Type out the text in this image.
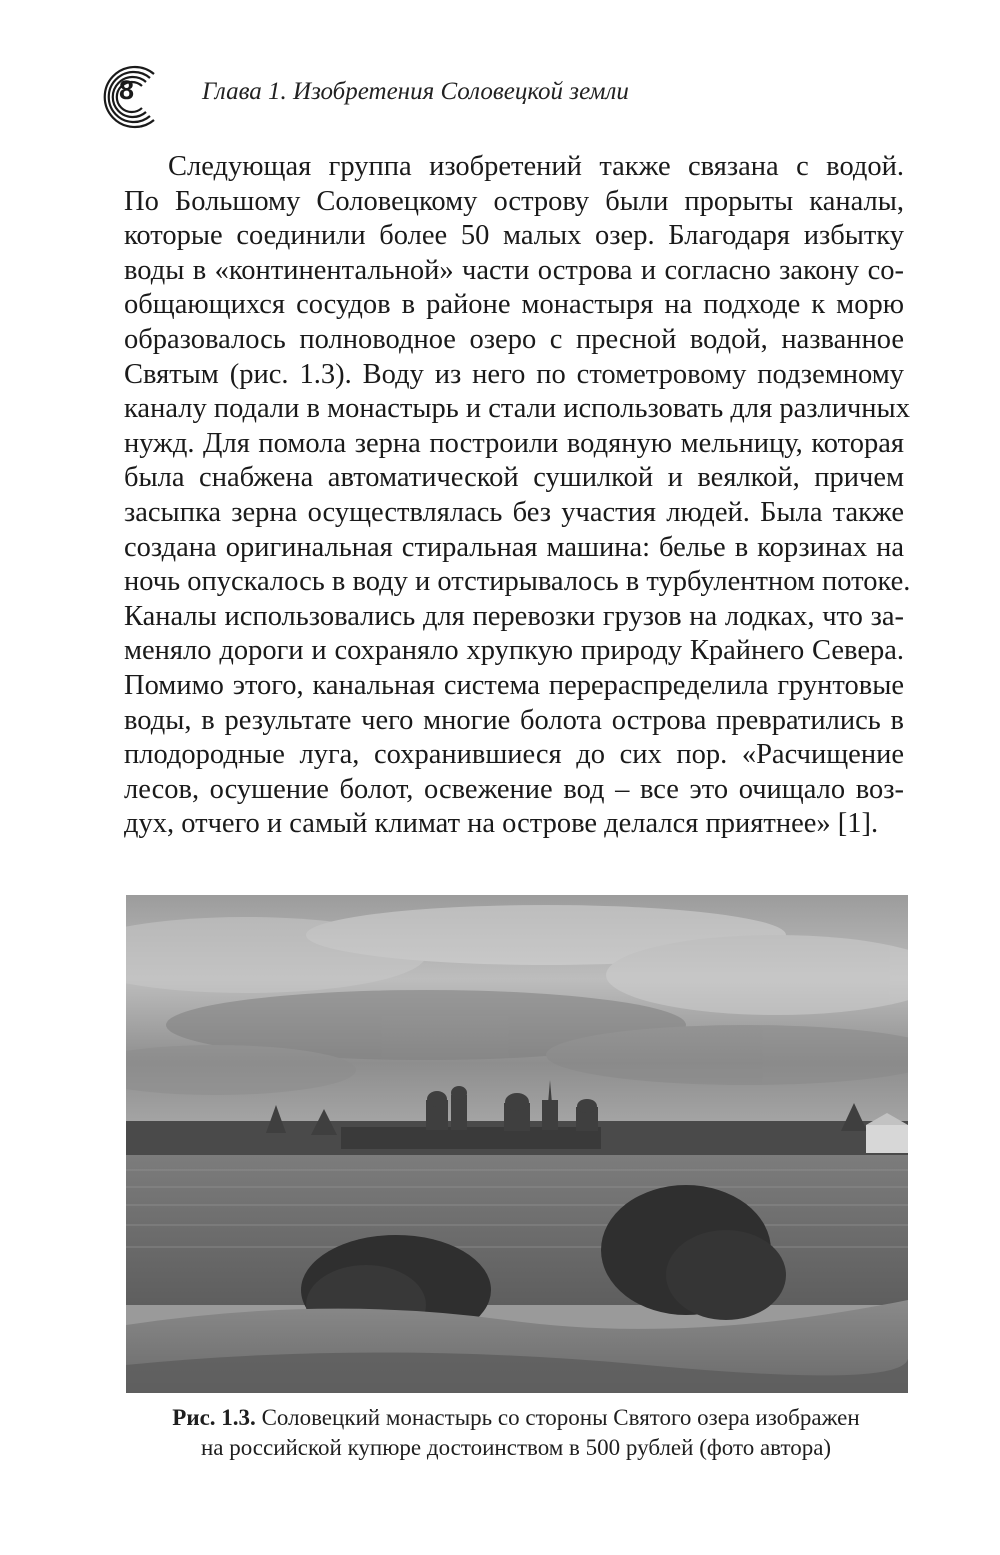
8	Глава 1. Изобретения Соловецкой земли
Следующая группа изобретений также связана с водой.
По Большому Соловецкому острову были прорыты каналы,
которые соединили более 50 малых озер. Благодаря избытку
воды в «континентальной» части острова и согласно закону со-
общающихся сосудов в районе монастыря на подходе к морю
образовалось полноводное озеро с пресной водой, названное
Святым (рис. 1.3). Воду из него по стометровому подземному
каналу подали в монастырь и стали использовать для различных
нужд. Для помола зерна построили водяную мельницу, которая
была снабжена автоматической сушилкой и веялкой, причем
засыпка зерна осуществлялась без участия людей. Была также
создана оригинальная стиральная машина: белье в корзинах на
ночь опускалось в воду и отстирывалось в турбулентном потоке.
Каналы использовались для перевозки грузов на лодках, что за-
меняло дороги и сохраняло хрупкую природу Крайнего Севера.
Помимо этого, канальная система перераспределила грунтовые
воды, в результате чего многие болота острова превратились в
плодородные луга, сохранившиеся до сих пор. «Расчищение
лесов, осушение болот, освежение вод – все это очищало воз-
дух, отчего и самый климат на острове делался приятнее» [1].
Рис. 1.3. Соловецкий монастырь со стороны Святого озера изображен
на российской купюре достоинством в 500 рублей (фото автора)
